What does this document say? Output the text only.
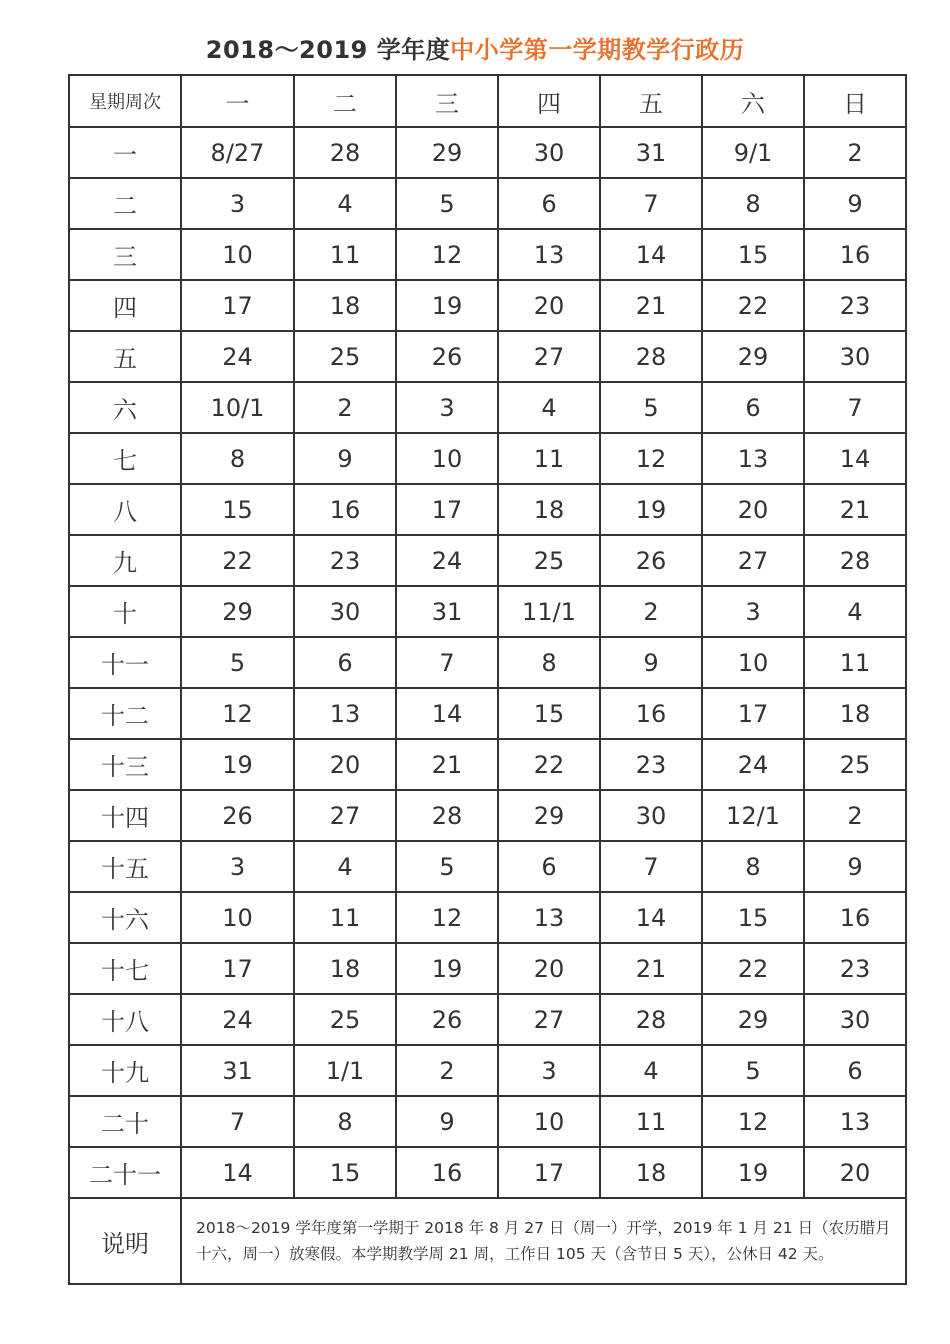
2018～2019 学年度中小学第一学期教学行政历
星期周次	一	二	三	四	五	六	日
一	8/27	28	29	30	31	9/1	2
二	3	4	5	6	7	8	9
三	10	11	12	13	14	15	16
四	17	18	19	20	21	22	23
五	24	25	26	27	28	29	30
六	10/1	2	3	4	5	6	7
七	8	9	10	11	12	13	14
八	15	16	17	18	19	20	21
九	22	23	24	25	26	27	28
十	29	30	31	11/1	2	3	4
十一	5	6	7	8	9	10	11
十二	12	13	14	15	16	17	18
十三	19	20	21	22	23	24	25
十四	26	27	28	29	30	12/1	2
十五	3	4	5	6	7	8	9
十六	10	11	12	13	14	15	16
十七	17	18	19	20	21	22	23
十八	24	25	26	27	28	29	30
十九	31	1/1	2	3	4	5	6
二十	7	8	9	10	11	12	13
二十一	14	15	16	17	18	19	20
说明	2018～2019 学年度第一学期于 2018 年 8 月 27 日（周一）开学，2019 年 1 月 21 日（农历腊月十六，周一）放寒假。本学期教学周 21 周，工作日 105 天（含节日 5 天），公休日 42 天。						
